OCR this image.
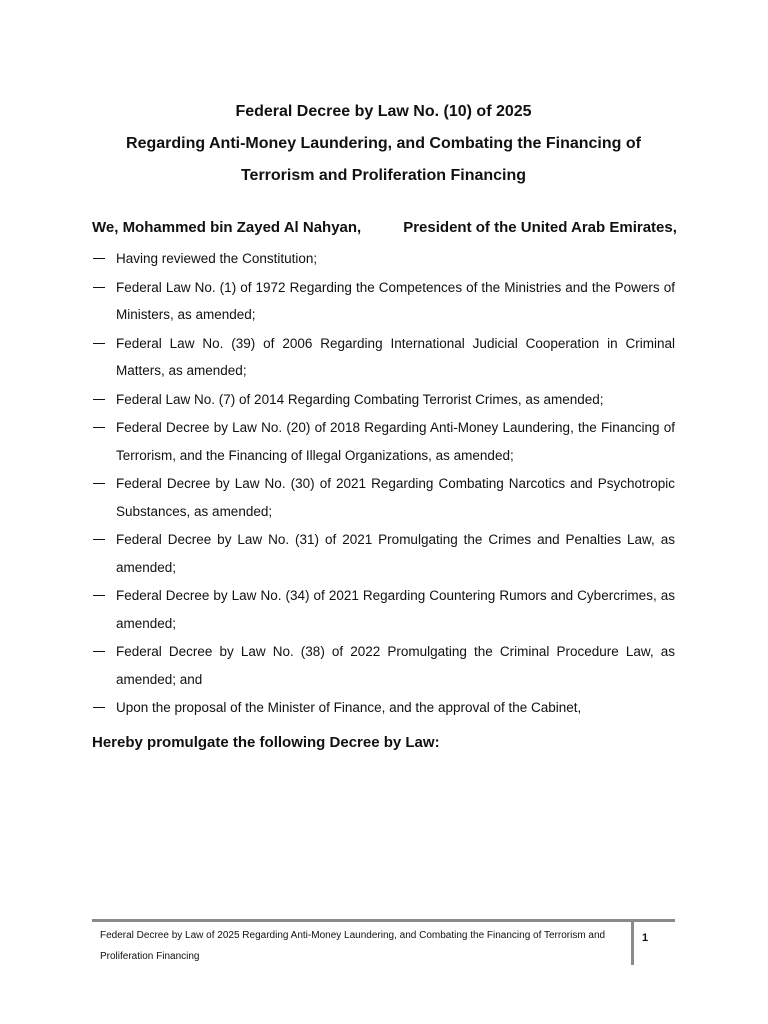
Federal Decree by Law No. (10) of 2025
Regarding Anti-Money Laundering, and Combating the Financing of
Terrorism and Proliferation Financing
We, Mohammed bin Zayed Al Nahyan,	President of the United Arab Emirates,
Having reviewed the Constitution;
Federal Law No. (1) of 1972 Regarding the Competences of the Ministries and the Powers of Ministers, as amended;
Federal Law No. (39) of 2006 Regarding International Judicial Cooperation in Criminal Matters, as amended;
Federal Law No. (7) of 2014 Regarding Combating Terrorist Crimes, as amended;
Federal Decree by Law No. (20) of 2018 Regarding Anti-Money Laundering, the Financing of Terrorism, and the Financing of Illegal Organizations, as amended;
Federal Decree by Law No. (30) of 2021 Regarding Combating Narcotics and Psychotropic Substances, as amended;
Federal Decree by Law No. (31) of 2021 Promulgating the Crimes and Penalties Law, as amended;
Federal Decree by Law No. (34) of 2021 Regarding Countering Rumors and Cybercrimes, as amended;
Federal Decree by Law No. (38) of 2022 Promulgating the Criminal Procedure Law, as amended; and
Upon the proposal of the Minister of Finance, and the approval of the Cabinet,
Hereby promulgate the following Decree by Law:
Federal Decree by Law of 2025 Regarding Anti-Money Laundering, and Combating the Financing of Terrorism and Proliferation Financing
1
